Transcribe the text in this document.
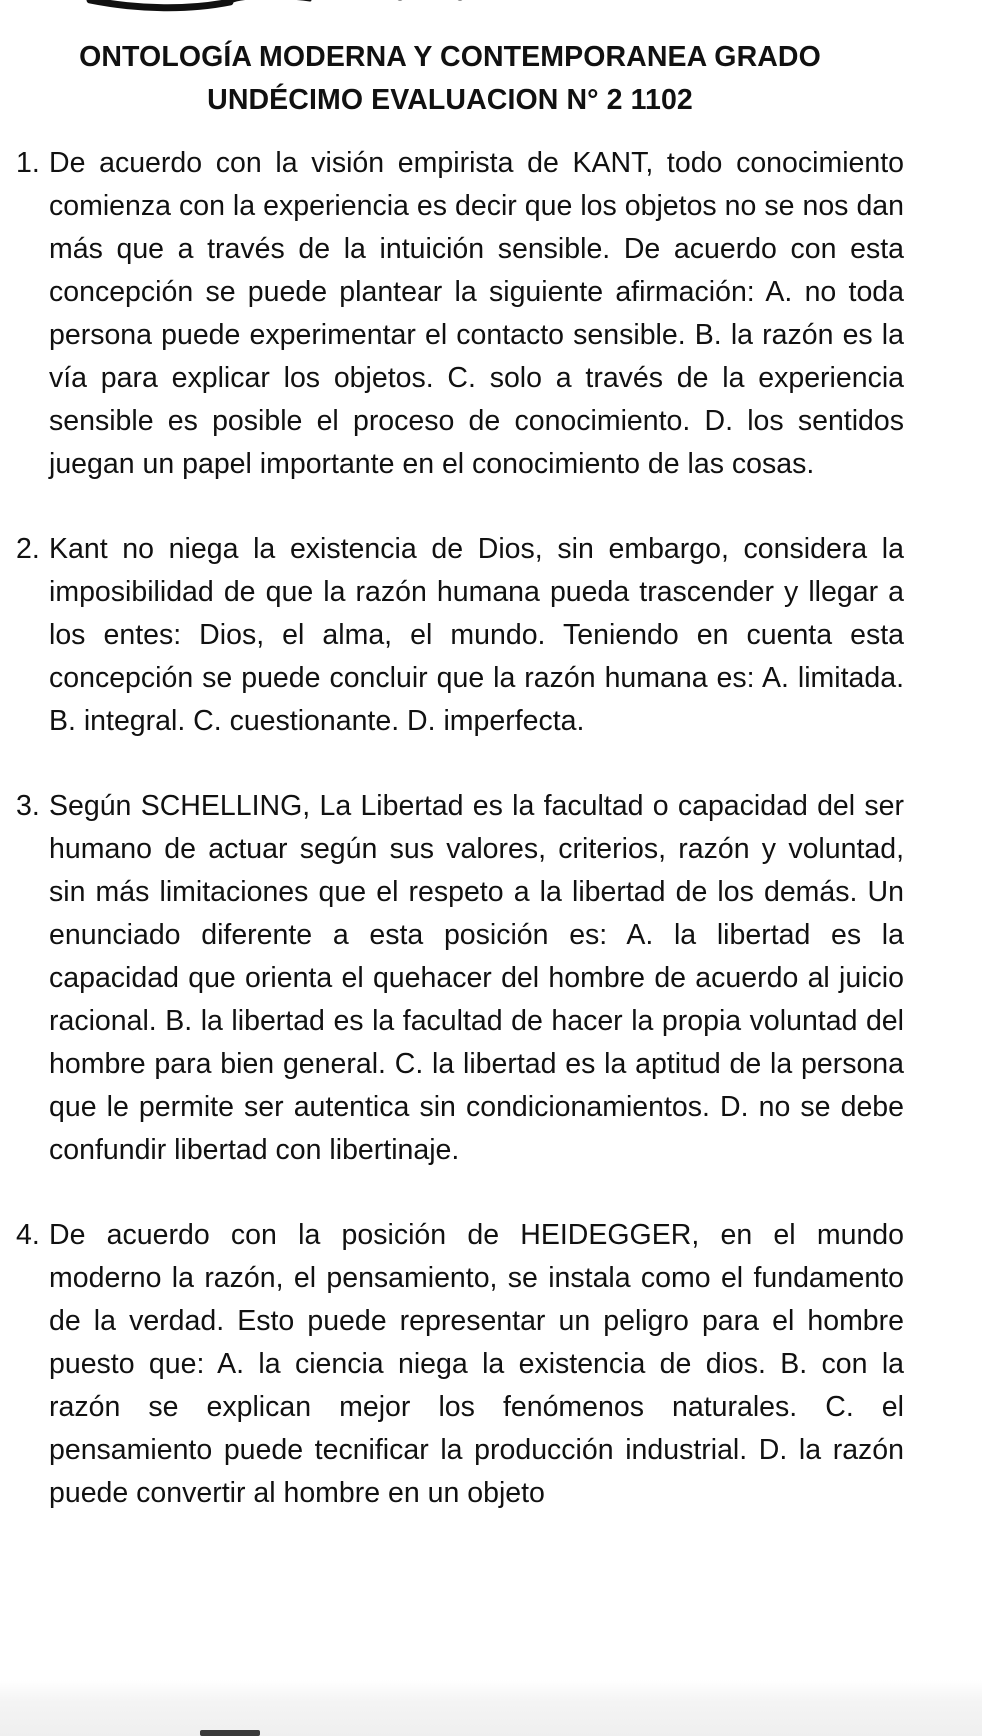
ONTOLOGÍA MODERNA Y CONTEMPORANEA GRADO
UNDÉCIMO EVALUACION N° 2 1102
1. De acuerdo con la visión empirista de KANT, todo conocimiento comienza con la experiencia es decir que los objetos no se nos dan más que a través de la intuición sensible. De acuerdo con esta concepción se puede plantear la siguiente afirmación: A. no toda persona puede experimentar el contacto sensible. B. la razón es la vía para explicar los objetos. C. solo a través de la experiencia sensible es posible el proceso de conocimiento. D. los sentidos juegan un papel importante en el conocimiento de las cosas.
2. Kant no niega la existencia de Dios, sin embargo, considera la imposibilidad de que la razón humana pueda trascender y llegar a los entes: Dios, el alma, el mundo. Teniendo en cuenta esta concepción se puede concluir que la razón humana es: A. limitada. B. integral. C. cuestionante. D. imperfecta.
3. Según SCHELLING, La Libertad es la facultad o capacidad del ser humano de actuar según sus valores, criterios, razón y voluntad, sin más limitaciones que el respeto a la libertad de los demás. Un enunciado diferente a esta posición es: A. la libertad es la capacidad que orienta el quehacer del hombre de acuerdo al juicio racional. B. la libertad es la facultad de hacer la propia voluntad del hombre para bien general. C. la libertad es la aptitud de la persona que le permite ser autentica sin condicionamientos. D. no se debe confundir libertad con libertinaje.
4. De acuerdo con la posición de HEIDEGGER, en el mundo moderno la razón, el pensamiento, se instala como el fundamento de la verdad. Esto puede representar un peligro para el hombre puesto que: A. la ciencia niega la existencia de dios. B. con la razón se explican mejor los fenómenos naturales. C. el pensamiento puede tecnificar la producción industrial. D. la razón puede convertir al hombre en un objeto
